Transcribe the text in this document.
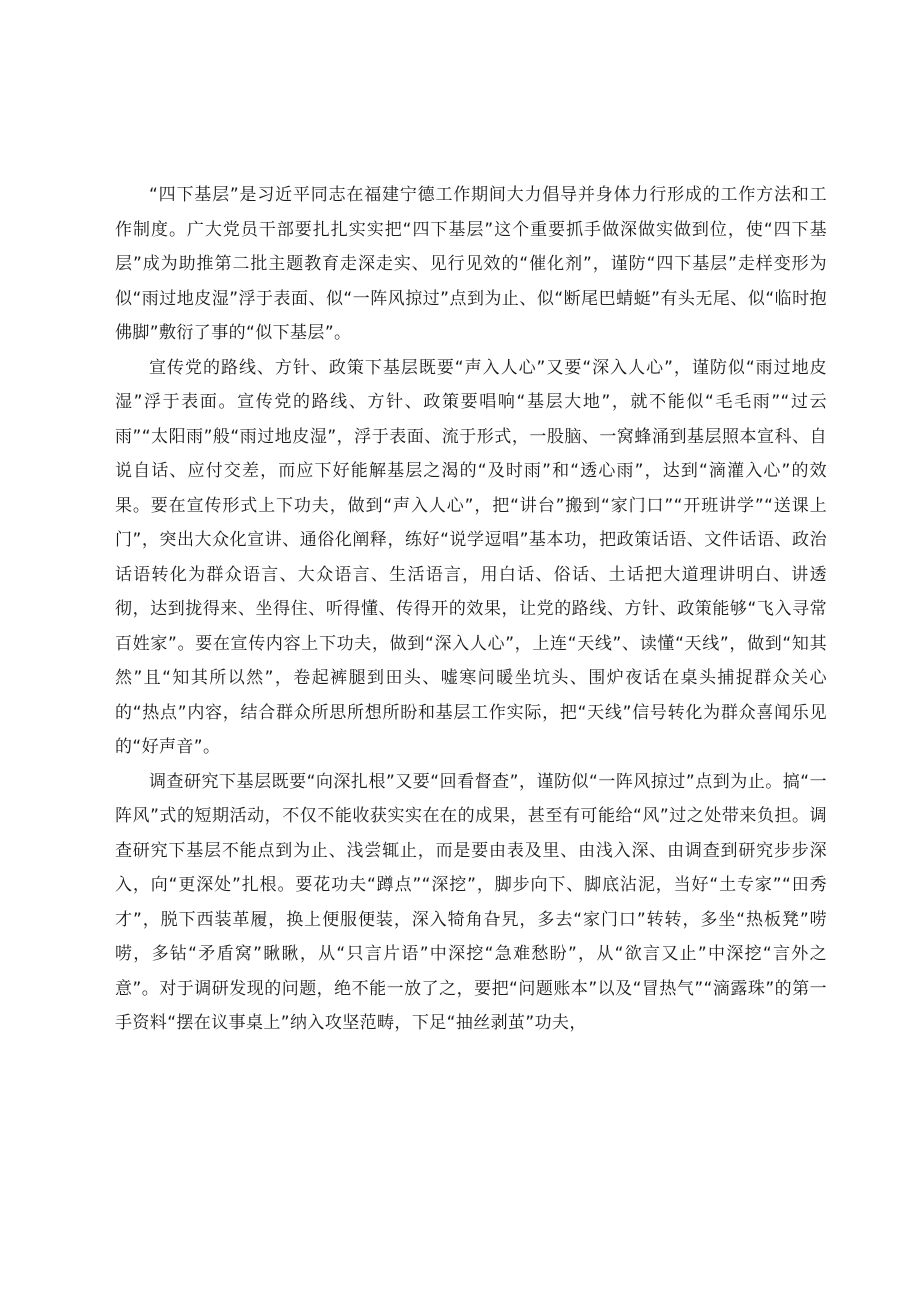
“四下基层”是习近平同志在福建宁德工作期间大力倡导并身体力行形成的工作方法和工作制度。广大党员干部要扎扎实实把“四下基层”这个重要抓手做深做实做到位，使“四下基层”成为助推第二批主题教育走深走实、见行见效的“催化剂”，谨防“四下基层”走样变形为似“雨过地皮湿”浮于表面、似“一阵风掠过”点到为止、似“断尾巴蜻蜓”有头无尾、似“临时抱佛脚”敷衍了事的“似下基层”。

宣传党的路线、方针、政策下基层既要“声入人心”又要“深入人心”，谨防似“雨过地皮湿”浮于表面。宣传党的路线、方针、政策要唱响“基层大地”，就不能似“毛毛雨”“过云雨”“太阳雨”般“雨过地皮湿”，浮于表面、流于形式，一股脑、一窝蜂涌到基层照本宣科、自说自话、应付交差，而应下好能解基层之渴的“及时雨”和“透心雨”，达到“滴灌入心”的效果。要在宣传形式上下功夫，做到“声入人心”，把“讲台”搬到“家门口”“开班讲学”“送课上门”，突出大众化宣讲、通俗化阐释，练好“说学逗唱”基本功，把政策话语、文件话语、政治话语转化为群众语言、大众语言、生活语言，用白话、俗话、土话把大道理讲明白、讲透彻，达到拢得来、坐得住、听得懂、传得开的效果，让党的路线、方针、政策能够“飞入寻常百姓家”。要在宣传内容上下功夫，做到“深入人心”，上连“天线”、读懂“天线”，做到“知其然”且“知其所以然”，卷起裤腿到田头、嘘寒问暖坐坑头、围炉夜话在桌头捕捉群众关心的“热点”内容，结合群众所思所想所盼和基层工作实际，把“天线”信号转化为群众喜闻乐见的“好声音”。

调查研究下基层既要“向深扎根”又要“回看督查”，谨防似“一阵风掠过”点到为止。搞“一阵风”式的短期活动，不仅不能收获实实在在的成果，甚至有可能给“风”过之处带来负担。调查研究下基层不能点到为止、浅尝辄止，而是要由表及里、由浅入深、由调查到研究步步深入，向“更深处”扎根。要花功夫“蹲点”“深挖”，脚步向下、脚底沾泥，当好“土专家”“田秀才”，脱下西装革履，换上便服便装，深入犄角旮旯，多去“家门口”转转，多坐“热板凳”唠唠，多钻“矛盾窝”瞅瞅，从“只言片语”中深挖“急难愁盼”，从“欲言又止”中深挖“言外之意”。对于调研发现的问题，绝不能一放了之，要把“问题账本”以及“冒热气”“滴露珠”的第一手资料“摆在议事桌上”纳入攻坚范畴，下足“抽丝剥茧”功夫，
